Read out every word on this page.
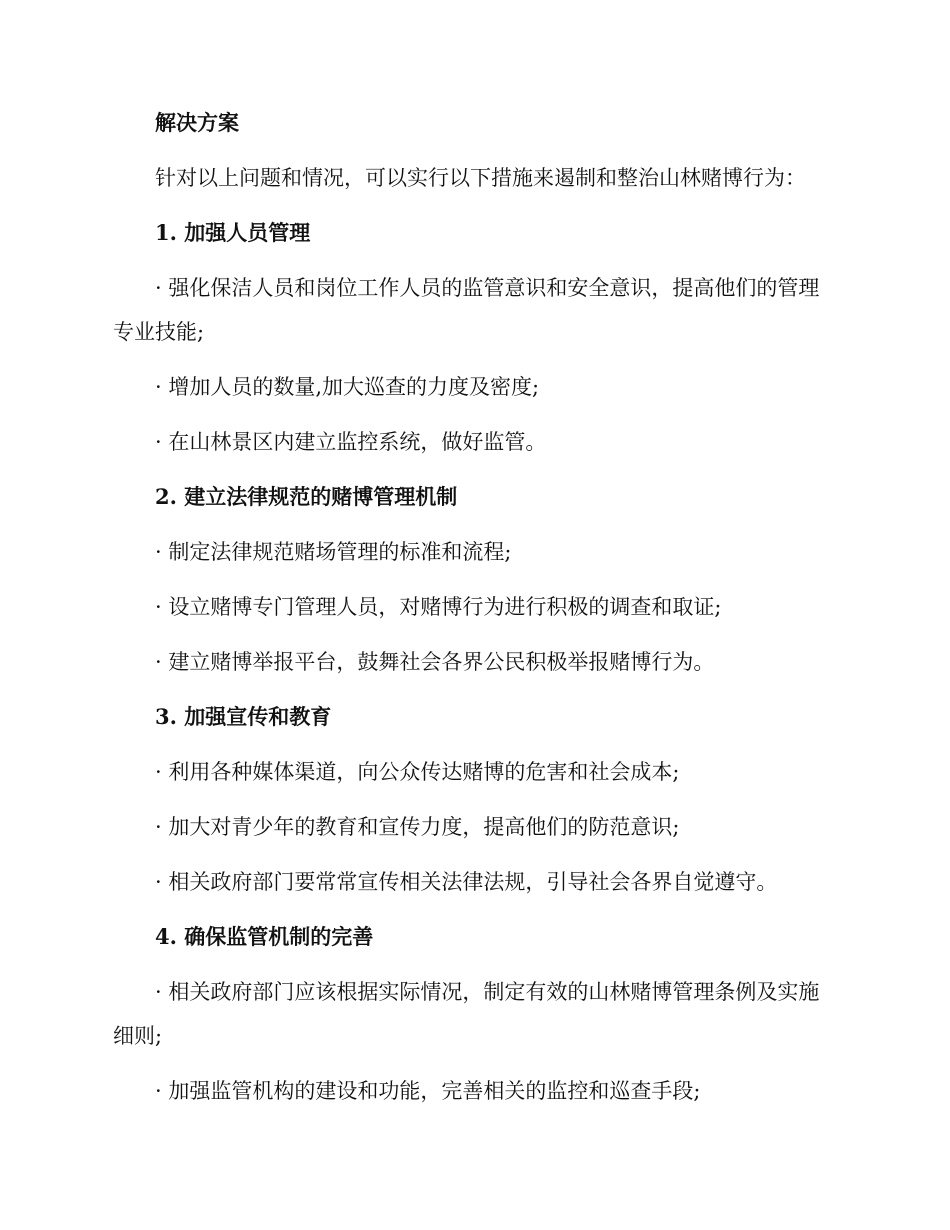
解决方案

针对以上问题和情况，可以实行以下措施来遏制和整治山林赌博行为：

1. 加强人员管理

· 强化保洁人员和岗位工作人员的监管意识和安全意识，提高他们的管理专业技能;

· 增加人员的数量,加大巡查的力度及密度;

· 在山林景区内建立监控系统，做好监管。

2. 建立法律规范的赌博管理机制

· 制定法律规范赌场管理的标准和流程;

· 设立赌博专门管理人员，对赌博行为进行积极的调查和取证;

· 建立赌博举报平台，鼓舞社会各界公民积极举报赌博行为。

3. 加强宣传和教育

· 利用各种媒体渠道，向公众传达赌博的危害和社会成本;

· 加大对青少年的教育和宣传力度，提高他们的防范意识;

· 相关政府部门要常常宣传相关法律法规，引导社会各界自觉遵守。

4. 确保监管机制的完善

· 相关政府部门应该根据实际情况，制定有效的山林赌博管理条例及实施细则;

· 加强监管机构的建设和功能，完善相关的监控和巡查手段;
